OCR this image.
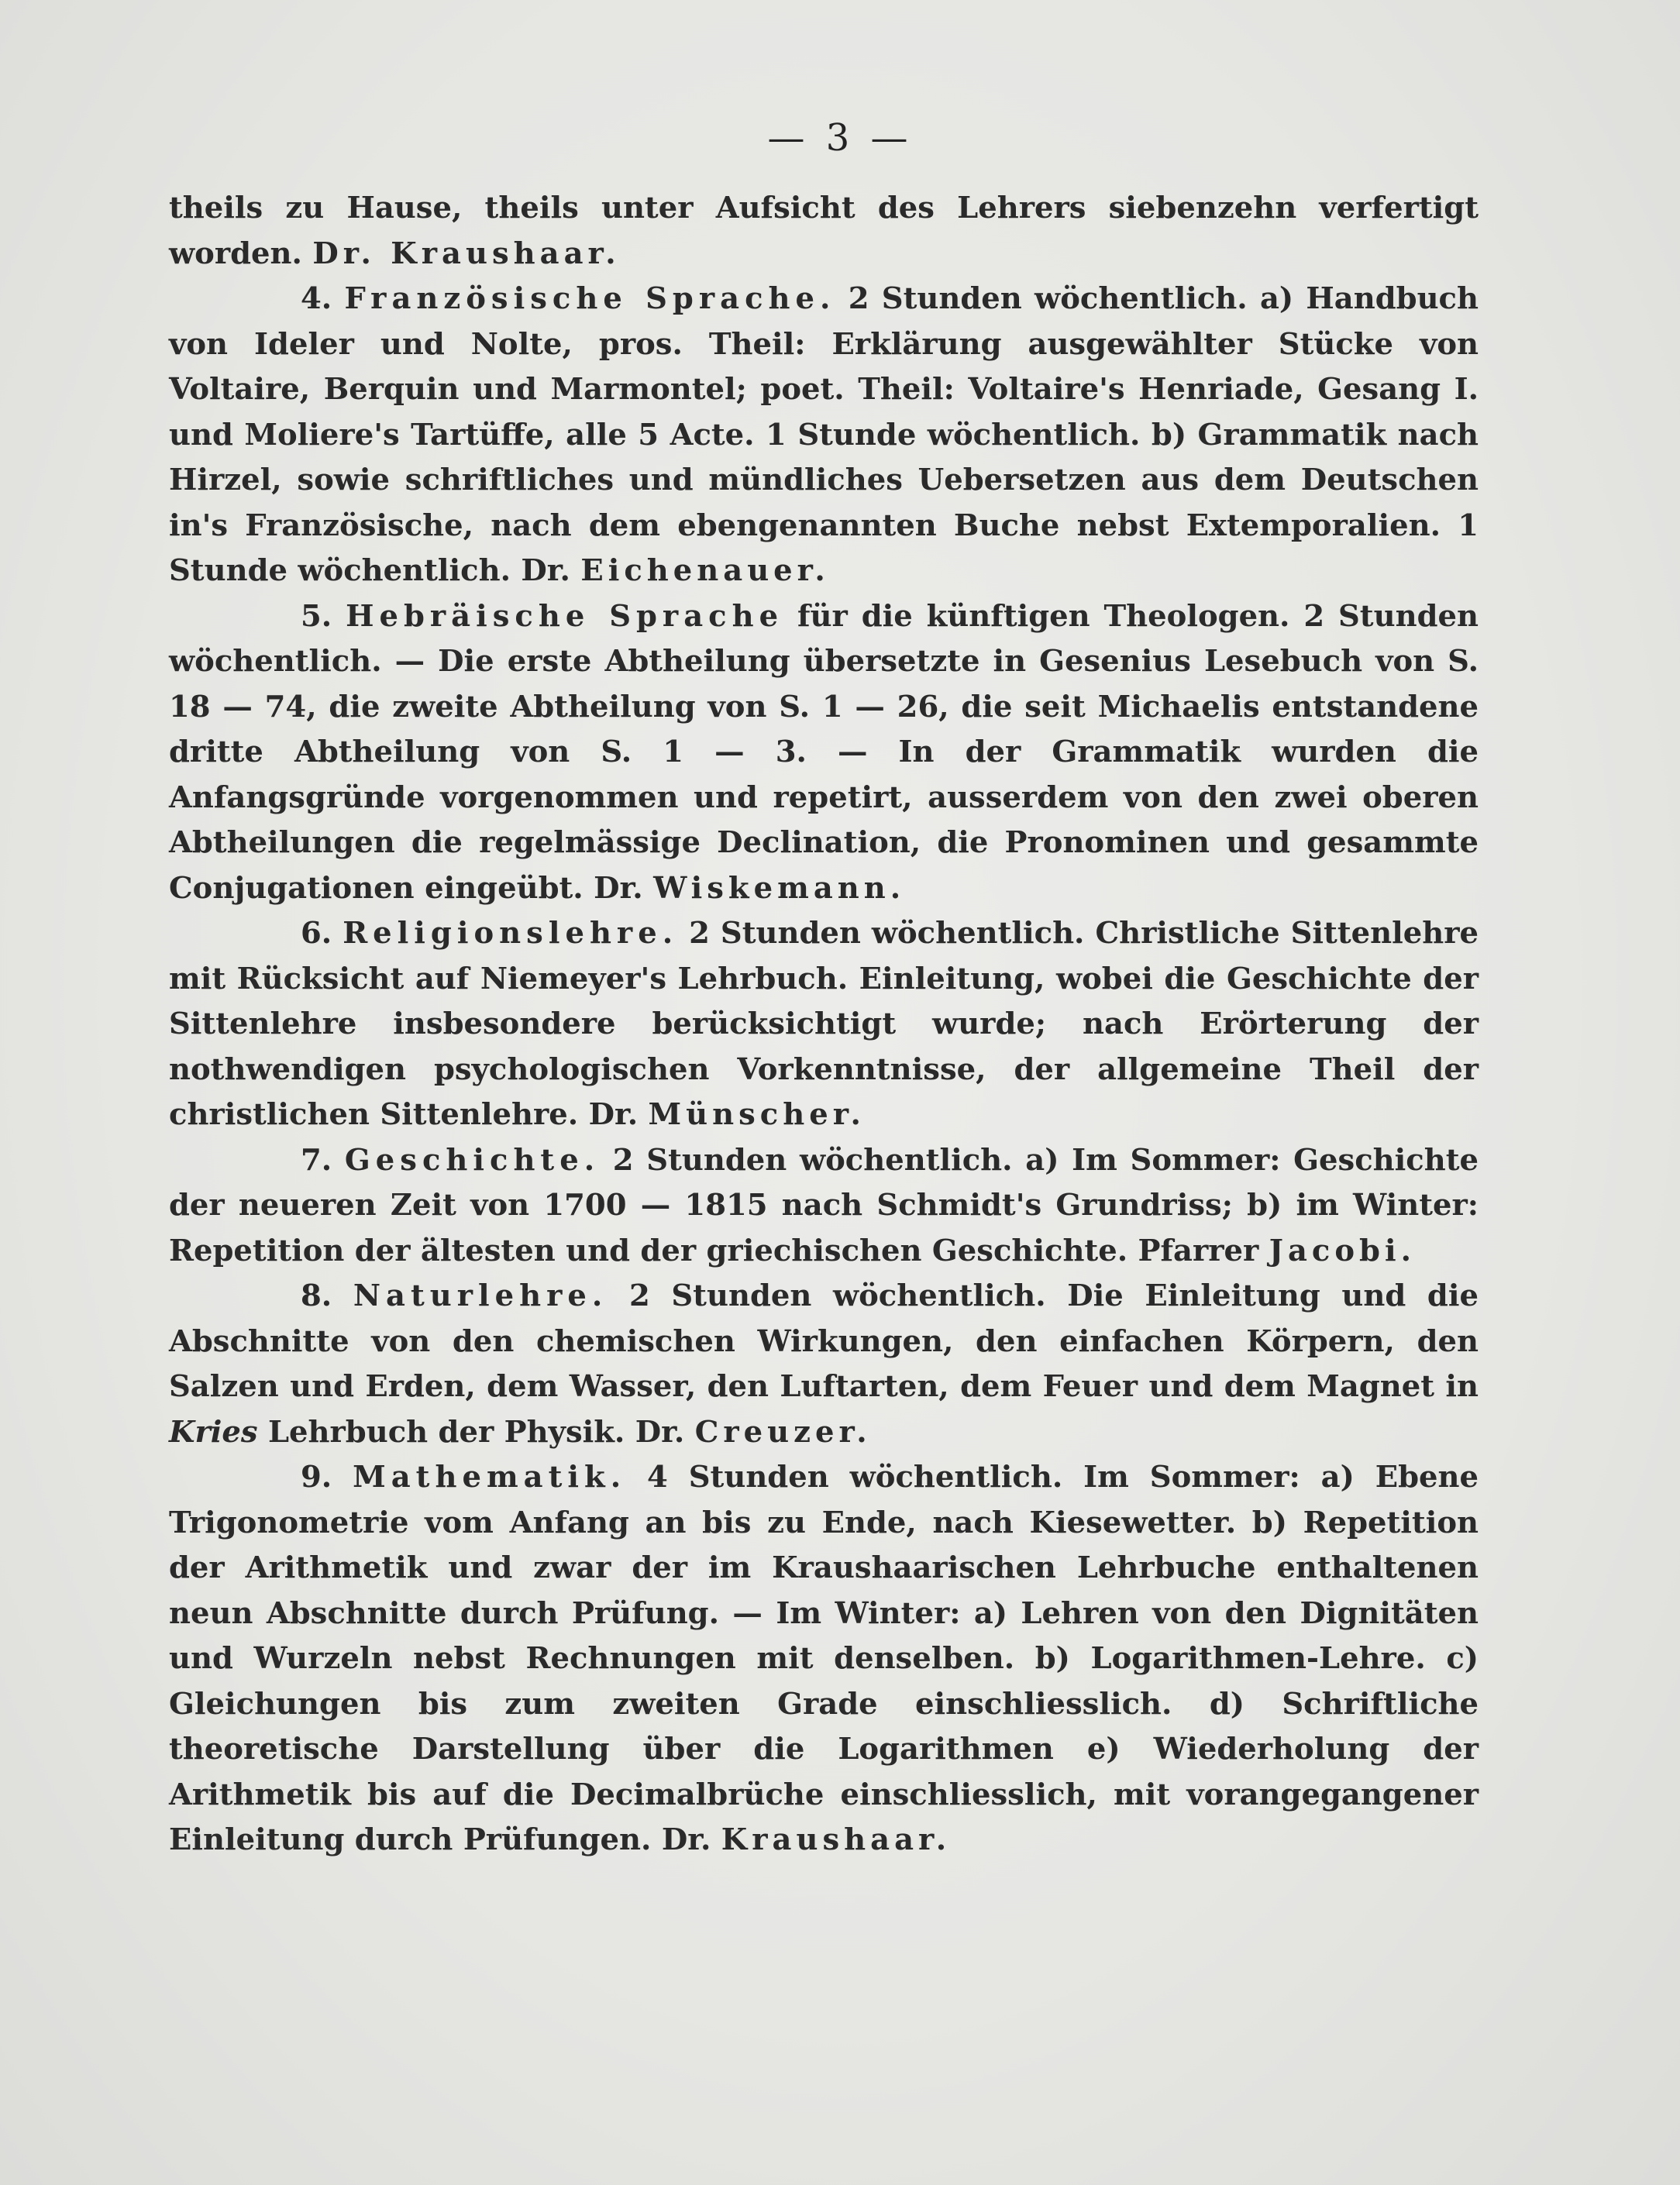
— 3 —

theils zu Hause, theils unter Aufsicht des Lehrers siebenzehn verfertigt worden. Dr. Kraushaar.

4. Französische Sprache. 2 Stunden wöchentlich. a) Handbuch von Ideler und Nolte, pros. Theil: Erklärung ausgewählter Stücke von Voltaire, Berquin und Marmontel; poet. Theil: Voltaire's Henriade, Gesang I. und Moliere's Tartüffe, alle 5 Acte. 1 Stunde wöchentlich. b) Grammatik nach Hirzel, sowie schriftliches und mündliches Uebersetzen aus dem Deutschen in's Französische, nach dem ebengenannten Buche nebst Extemporalien. 1 Stunde wöchentlich. Dr. Eichenauer.

5. Hebräische Sprache für die künftigen Theologen. 2 Stunden wöchentlich. — Die erste Abtheilung übersetzte in Gesenius Lesebuch von S. 18 — 74, die zweite Abtheilung von S. 1 — 26, die seit Michaelis entstandene dritte Abtheilung von S. 1 — 3. — In der Grammatik wurden die Anfangsgründe vorgenommen und repetirt, ausserdem von den zwei oberen Abtheilungen die regelmässige Declination, die Pronominen und gesammte Conjugationen eingeübt. Dr. Wiskemann.

6. Religionslehre. 2 Stunden wöchentlich. Christliche Sittenlehre mit Rücksicht auf Niemeyer's Lehrbuch. Einleitung, wobei die Geschichte der Sittenlehre insbesondere berücksichtigt wurde; nach Erörterung der nothwendigen psychologischen Vorkenntnisse, der allgemeine Theil der christlichen Sittenlehre. Dr. Münscher.

7. Geschichte. 2 Stunden wöchentlich. a) Im Sommer: Geschichte der neueren Zeit von 1700 — 1815 nach Schmidt's Grundriss; b) im Winter: Repetition der ältesten und der griechischen Geschichte. Pfarrer Jacobi.

8. Naturlehre. 2 Stunden wöchentlich. Die Einleitung und die Abschnitte von den chemischen Wirkungen, den einfachen Körpern, den Salzen und Erden, dem Wasser, den Luftarten, dem Feuer und dem Magnet in Kries Lehrbuch der Physik. Dr. Creuzer.

9. Mathematik. 4 Stunden wöchentlich. Im Sommer: a) Ebene Trigonometrie vom Anfang an bis zu Ende, nach Kiesewetter. b) Repetition der Arithmetik und zwar der im Kraushaarischen Lehrbuche enthaltenen neun Abschnitte durch Prüfung. — Im Winter: a) Lehren von den Dignitäten und Wurzeln nebst Rechnungen mit denselben. b) Logarithmen-Lehre. c) Gleichungen bis zum zweiten Grade einschliesslich. d) Schriftliche theoretische Darstellung über die Logarithmen e) Wiederholung der Arithmetik bis auf die Decimalbrüche einschliesslich, mit vorangegangener Einleitung durch Prüfungen. Dr. Kraushaar.
